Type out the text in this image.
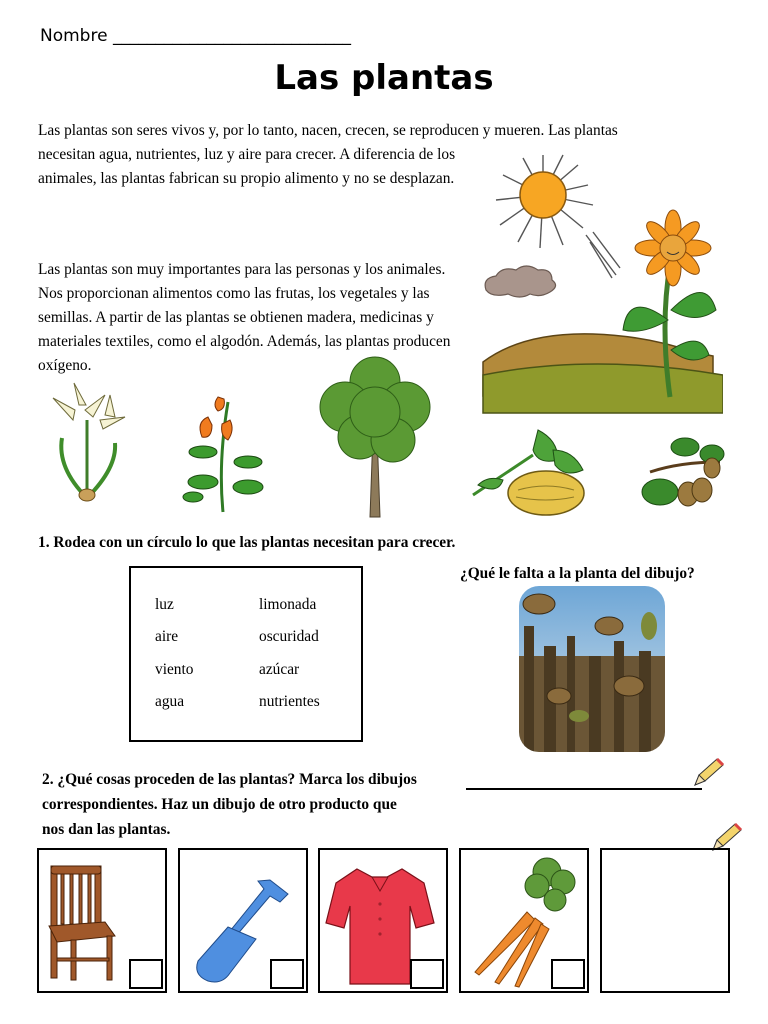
Nombre ____________________________
Las plantas
Las plantas son seres vivos y, por lo tanto, nacen, crecen, se reproducen y mueren. Las plantas
necesitan agua, nutrientes, luz y aire para crecer. A diferencia de los animales, las plantas fabrican su propio alimento y no se desplazan.
Las plantas son muy importantes para las personas y los animales. Nos proporcionan alimentos como las frutas, los vegetales y las semillas. A partir de las plantas se obtienen madera, medicinas y materiales textiles, como el algodón. Además, las plantas producen oxígeno.
1. Rodea con un círculo lo que las plantas necesitan para crecer.
luz
aire
viento
agua
limonada
oscuridad
azúcar
nutrientes
¿Qué le falta a la planta del dibujo?
2. ¿Qué cosas proceden de las plantas? Marca los dibujos correspondientes. Haz un dibujo de otro producto que nos dan las plantas.
